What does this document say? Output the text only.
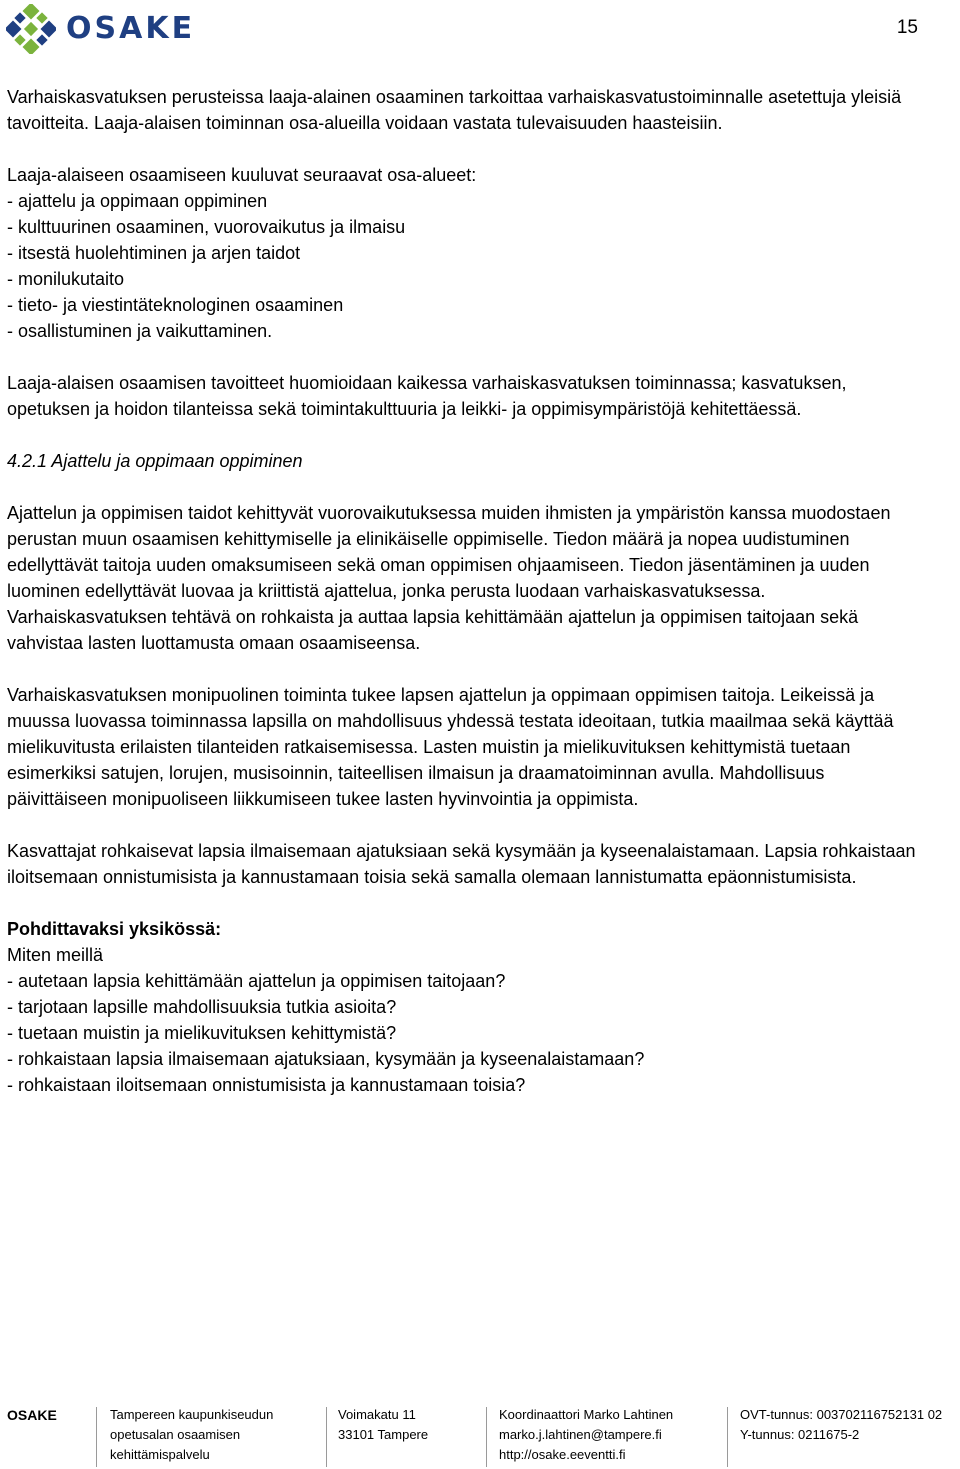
OSAKE	15

Varhaiskasvatuksen perusteissa laaja-alainen osaaminen tarkoittaa varhaiskasvatustoiminnalle asetettuja yleisiä tavoitteita. Laaja-alaisen toiminnan osa-alueilla voidaan vastata tulevaisuuden haasteisiin.

Laaja-alaiseen osaamiseen kuuluvat seuraavat osa-alueet:

- ajattelu ja oppimaan oppiminen

- kulttuurinen osaaminen, vuorovaikutus ja ilmaisu

- itsestä huolehtiminen ja arjen taidot

- monilukutaito

- tieto- ja viestintäteknologinen osaaminen

- osallistuminen ja vaikuttaminen.

Laaja-alaisen osaamisen tavoitteet huomioidaan kaikessa varhaiskasvatuksen toiminnassa; kasvatuksen, opetuksen ja hoidon tilanteissa sekä toimintakulttuuria ja leikki- ja oppimisympäristöjä kehitettäessä.

4.2.1 Ajattelu ja oppimaan oppiminen

Ajattelun ja oppimisen taidot kehittyvät vuorovaikutuksessa muiden ihmisten ja ympäristön kanssa muodostaen perustan muun osaamisen kehittymiselle ja elinikäiselle oppimiselle. Tiedon määrä ja nopea uudistuminen edellyttävät taitoja uuden omaksumiseen sekä oman oppimisen ohjaamiseen. Tiedon jäsentäminen ja uuden luominen edellyttävät luovaa ja kriittistä ajattelua, jonka perusta luodaan varhaiskasvatuksessa. Varhaiskasvatuksen tehtävä on rohkaista ja auttaa lapsia kehittämään ajattelun ja oppimisen taitojaan sekä vahvistaa lasten luottamusta omaan osaamiseensa.

Varhaiskasvatuksen monipuolinen toiminta tukee lapsen ajattelun ja oppimaan oppimisen taitoja. Leikeissä ja muussa luovassa toiminnassa lapsilla on mahdollisuus yhdessä testata ideoitaan, tutkia maailmaa sekä käyttää mielikuvitusta erilaisten tilanteiden ratkaisemisessa. Lasten muistin ja mielikuvituksen kehittymistä tuetaan esimerkiksi satujen, lorujen, musisoinnin, taiteellisen ilmaisun ja draamatoiminnan avulla. Mahdollisuus päivittäiseen monipuoliseen liikkumiseen tukee lasten hyvinvointia ja oppimista.

Kasvattajat rohkaisevat lapsia ilmaisemaan ajatuksiaan sekä kysymään ja kyseenalaistamaan. Lapsia rohkaistaan iloitsemaan onnistumisista ja kannustamaan toisia sekä samalla olemaan lannistumatta epäonnistumisista.

Pohdittavaksi yksikössä:

Miten meillä

- autetaan lapsia kehittämään ajattelun ja oppimisen taitojaan?

- tarjotaan lapsille mahdollisuuksia tutkia asioita?

- tuetaan muistin ja mielikuvituksen kehittymistä?

- rohkaistaan lapsia ilmaisemaan ajatuksiaan, kysymään ja kyseenalaistamaan?

- rohkaistaan iloitsemaan onnistumisista ja kannustamaan toisia?

OSAKE	Tampereen kaupunkiseudun
opetusalan osaamisen
kehittämispalvelu
Voimakatu 11
33101 Tampere
Koordinaattori Marko Lahtinen
marko.j.lahtinen@tampere.fi
http://osake.eeventti.fi
OVT-tunnus: 003702116752131 02
Y-tunnus: 0211675-2
